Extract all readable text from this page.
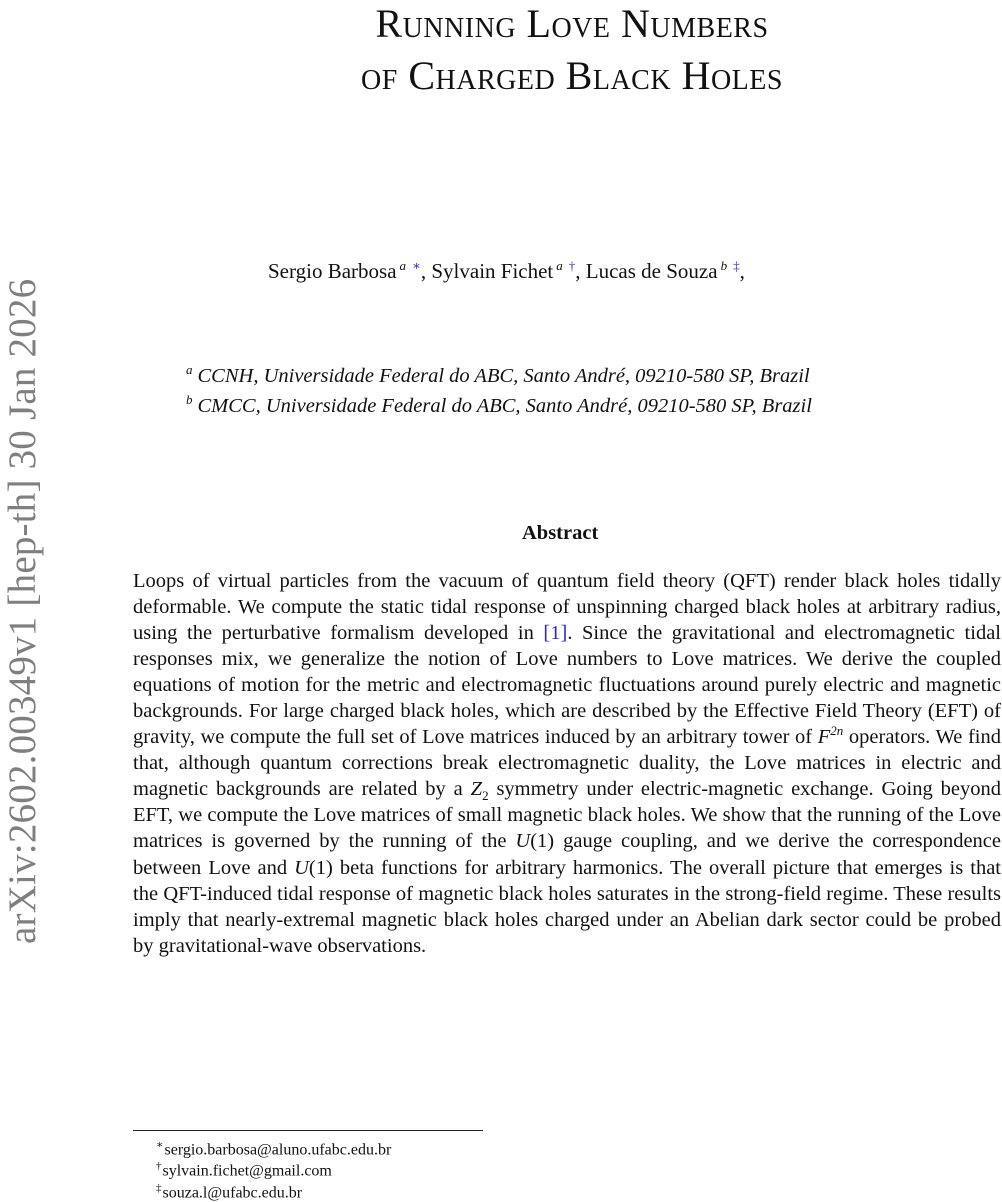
arXiv:2602.00349v1 [hep-th] 30 Jan 2026
Running Love Numbers
of Charged Black Holes
Sergio Barbosa $^a$ ∗, Sylvain Fichet $^a$ †, Lucas de Souza $^b$ ‡,
$^a$ CCNH, Universidade Federal do ABC, Santo André, 09210-580 SP, Brazil
$^b$ CMCC, Universidade Federal do ABC, Santo André, 09210-580 SP, Brazil
Abstract
Loops of virtual particles from the vacuum of quantum field theory (QFT) render black holes tidally deformable. We compute the static tidal response of unspinning charged black holes at arbitrary radius, using the perturbative formalism developed in [1]. Since the gravitational and electromagnetic tidal responses mix, we generalize the notion of Love numbers to Love matrices. We derive the coupled equations of motion for the metric and electromagnetic fluctuations around purely electric and magnetic backgrounds. For large charged black holes, which are described by the Effective Field Theory (EFT) of gravity, we compute the full set of Love matrices induced by an arbitrary tower of $F^{2n}$ operators. We find that, although quantum corrections break electromagnetic duality, the Love matrices in electric and magnetic backgrounds are related by a $Z_2$ symmetry under electric-magnetic exchange. Going beyond EFT, we compute the Love matrices of small magnetic black holes. We show that the running of the Love matrices is governed by the running of the U(1) gauge coupling, and we derive the correspondence between Love and U(1) beta functions for arbitrary harmonics. The overall picture that emerges is that the QFT-induced tidal response of magnetic black holes saturates in the strong-field regime. These results imply that nearly-extremal magnetic black holes charged under an Abelian dark sector could be probed by gravitational-wave observations.
∗sergio.barbosa@aluno.ufabc.edu.br
†sylvain.fichet@gmail.com
‡souza.l@ufabc.edu.br
